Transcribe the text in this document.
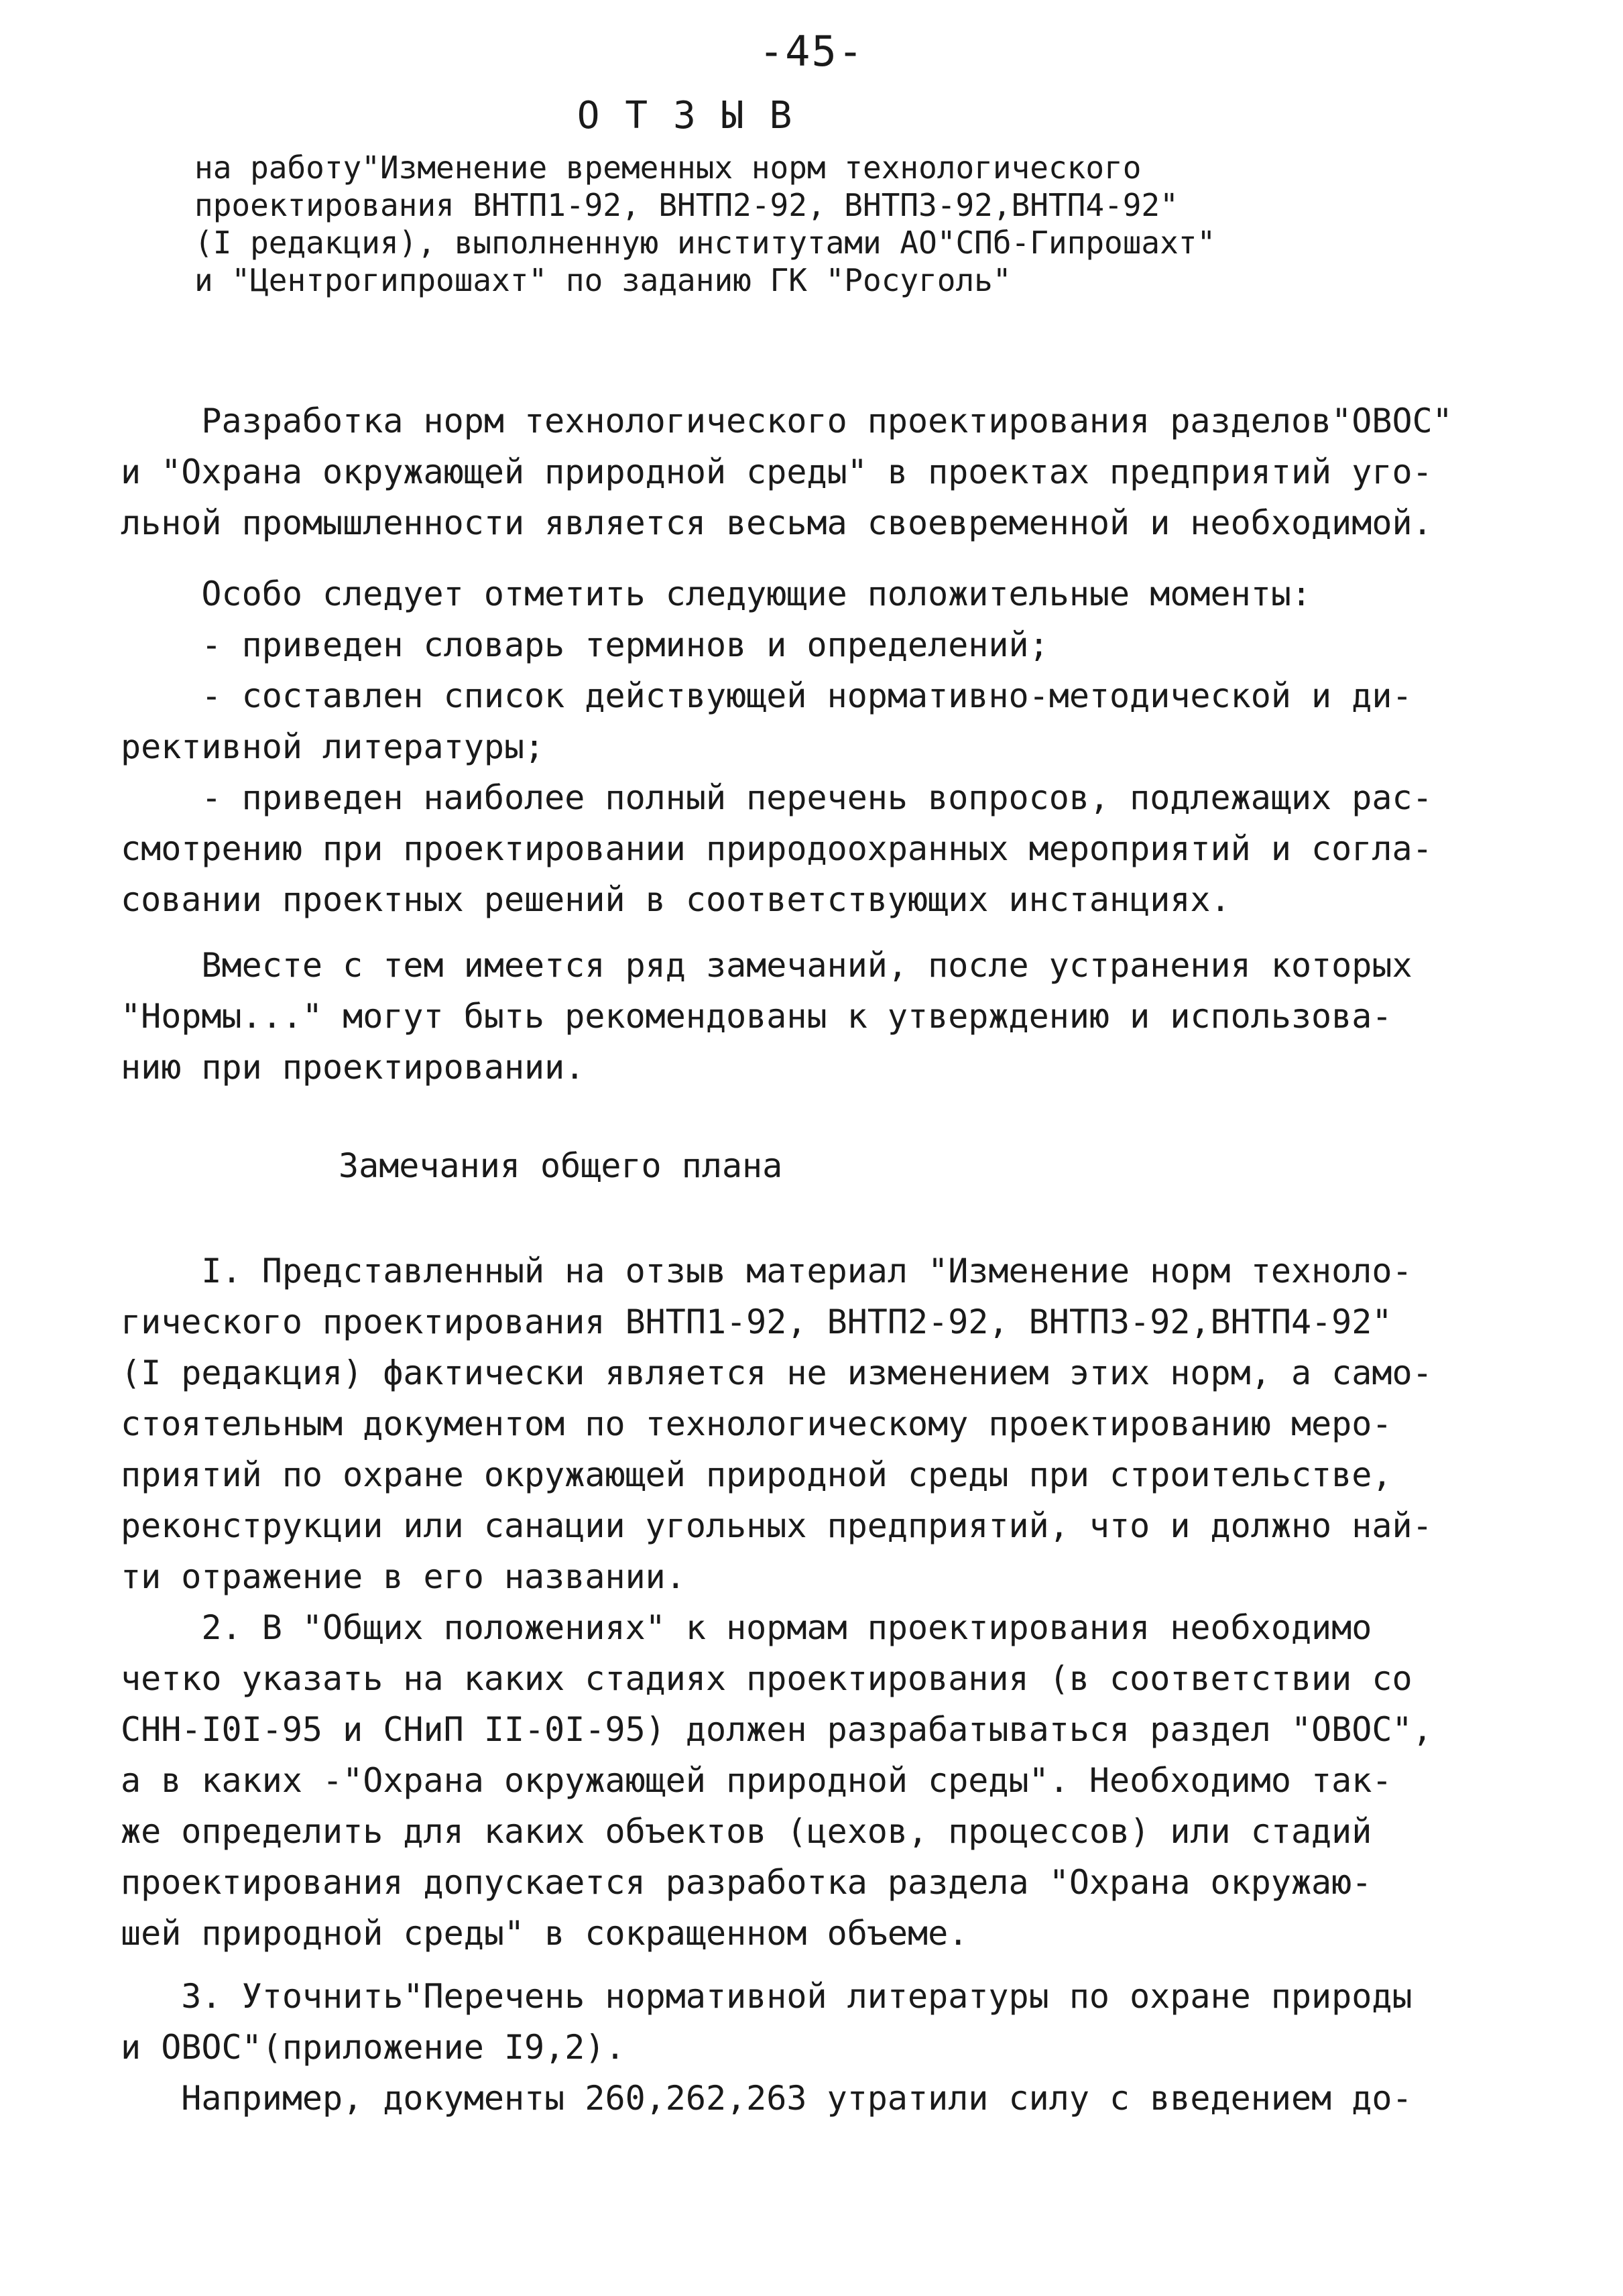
-45-
ОТЗЫВ
на работу"Изменение временных норм технологического
проектирования ВНТП1-92, ВНТП2-92, ВНТП3-92,ВНТП4-92"
(I редакция), выполненную институтами АО"СПб-Гипрошахт"
и "Центрогипрошахт" по заданию ГК "Росуголь"
Разработка норм технологического проектирования разделов"ОВОС"
и "Охрана окружающей природной среды" в проектах предприятий уго-
льной промышленности является весьма своевременной и необходимой.
Особо следует отметить следующие положительные моменты:
- приведен словарь терминов и определений;
- составлен список действующей нормативно-методической и ди-
рективной литературы;
- приведен наиболее полный перечень вопросов, подлежащих рас-
смотрению при проектировании природоохранных мероприятий и согла-
совании проектных решений в соответствующих инстанциях.
Вместе с тем имеется ряд замечаний, после устранения которых
"Нормы..." могут быть рекомендованы к утверждению и использова-
нию при проектировании.
Замечания общего плана
I. Представленный на отзыв материал "Изменение норм техноло-
гического проектирования ВНТП1-92, ВНТП2-92, ВНТП3-92,ВНТП4-92"
(I редакция) фактически является не изменением этих норм, а само-
стоятельным документом по технологическому проектированию меро-
приятий по охране окружающей природной среды при строительстве,
реконструкции или санации угольных предприятий, что и должно най-
ти отражение в его названии.
2. В "Общих положениях" к нормам проектирования необходимо
четко указать на каких стадиях проектирования (в соответствии со
СНН-I0I-95 и СНиП II-0I-95) должен разрабатываться раздел "ОВОС",
а в каких -"Охрана окружающей природной среды". Необходимо так-
же определить для каких объектов (цехов, процессов) или стадий
проектирования допускается разработка раздела "Охрана окружаю-
шей природной среды" в сокращенном объеме.
3. Уточнить"Перечень нормативной литературы по охране природы
и ОВОС"(приложение I9,2).
Например, документы 260,262,263 утратили силу с введением до-
